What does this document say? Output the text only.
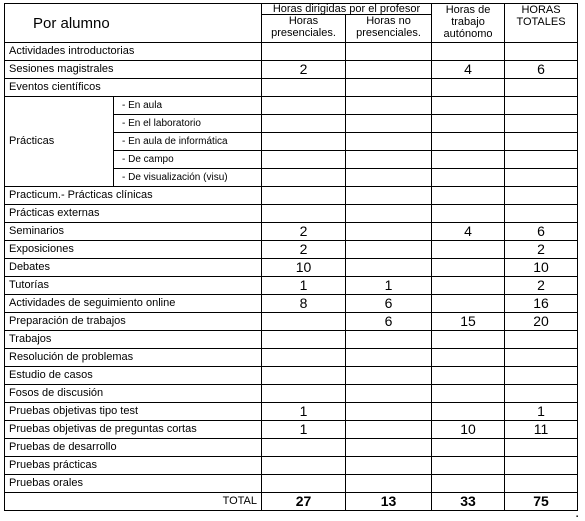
Por alumno		Horas dirigidas por el profesor		Horas de trabajo autónomo	HORAS TOTALES
		Horas presenciales.	Horas no presenciales.		
Actividades introductorias					
Sesiones magistrales		2		4	6
Eventos científicos					
Prácticas	- En aula				
	- En el laboratorio				
	- En aula de informática				
	- De campo				
	- De visualización (visu)				
Practicum.- Prácticas clínicas					
Prácticas externas					
Seminarios		2		4	6
Exposiciones		2			2
Debates		10			10
Tutorías		1	1		2
Actividades de seguimiento online		8	6		16
Preparación de trabajos			6	15	20
Trabajos					
Resolución de problemas					
Estudio de casos					
Fosos de discusión					
Pruebas objetivas tipo test		1			1
Pruebas objetivas de preguntas cortas		1		10	11
Pruebas de desarrollo					
Pruebas prácticas					
Pruebas orales					
TOTAL		27	13	33	75
▪
